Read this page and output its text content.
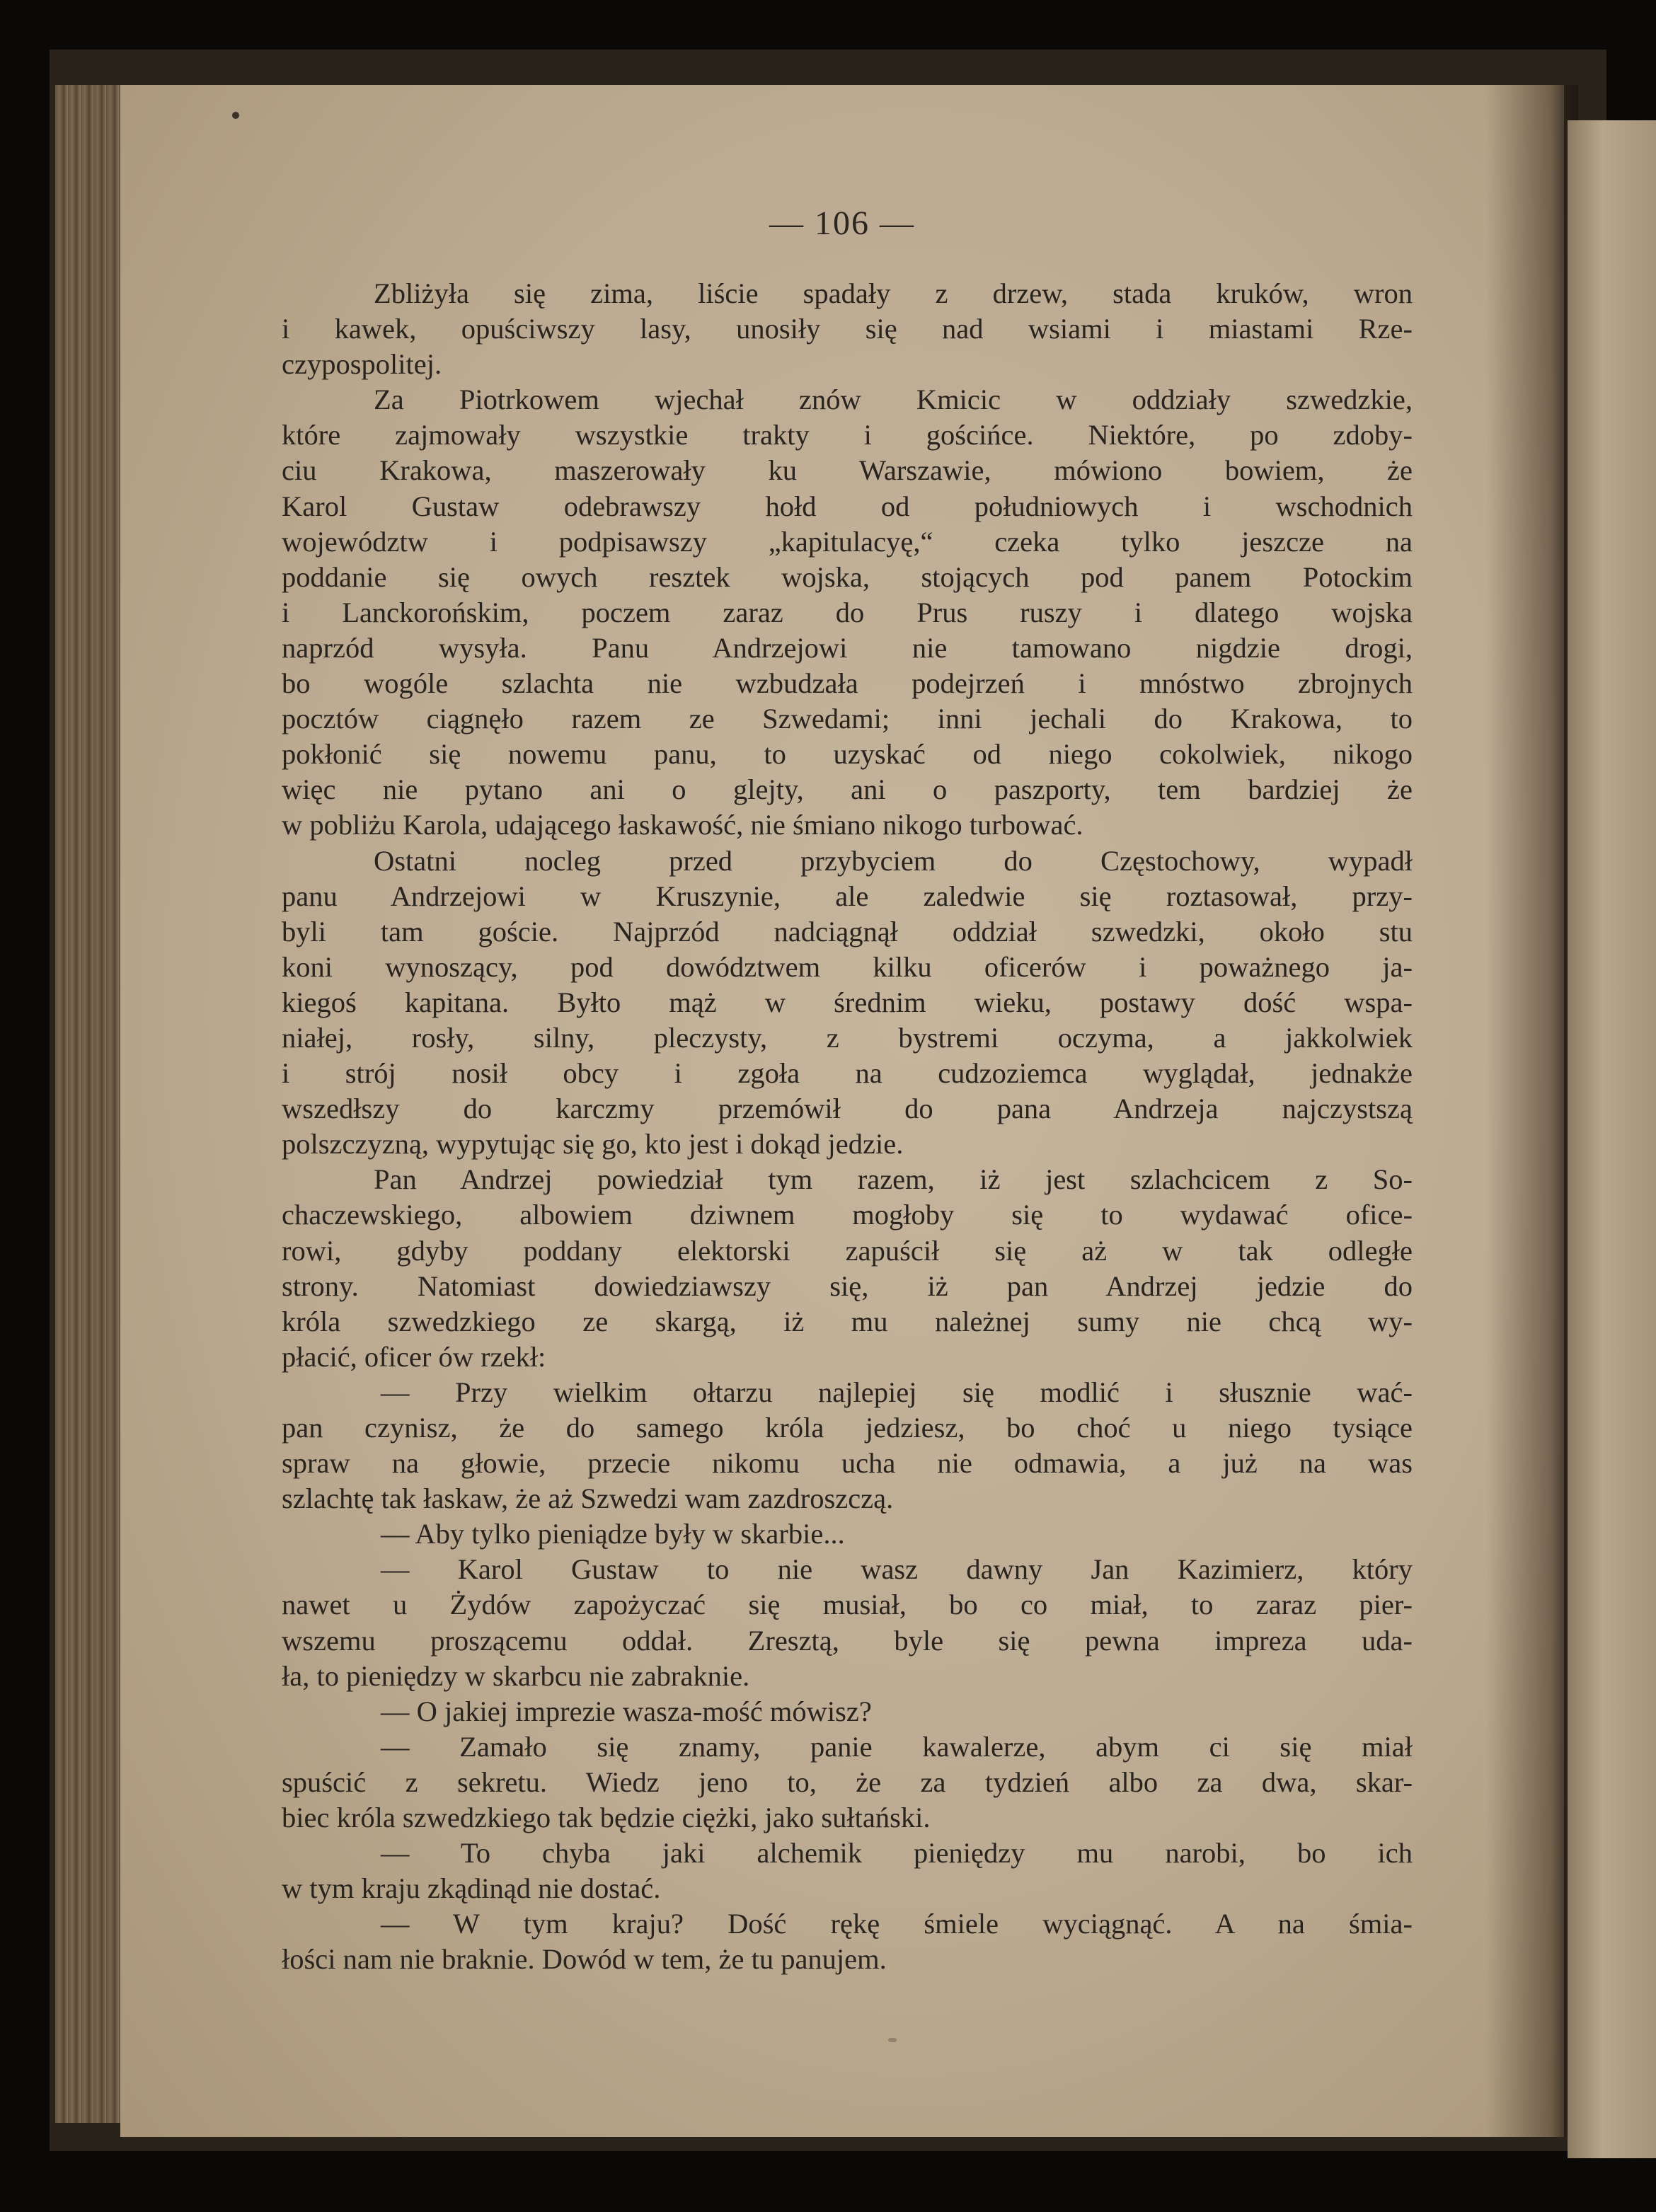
— 106 —
Zbliżyła się zima, liście spadały z drzew, stada kruków, wron
i kawek, opuściwszy lasy, unosiły się nad wsiami i miastami Rze-
czypospolitej.
Za Piotrkowem wjechał znów Kmicic w oddziały szwedzkie,
które zajmowały wszystkie trakty i gościńce. Niektóre, po zdoby-
ciu Krakowa, maszerowały ku Warszawie, mówiono bowiem, że
Karol Gustaw odebrawszy hołd od południowych i wschodnich
województw i podpisawszy „kapitulacyę,“ czeka tylko jeszcze na
poddanie się owych resztek wojska, stojących pod panem Potockim
i Lanckorońskim, poczem zaraz do Prus ruszy i dlatego wojska
naprzód wysyła. Panu Andrzejowi nie tamowano nigdzie drogi,
bo wogóle szlachta nie wzbudzała podejrzeń i mnóstwo zbrojnych
pocztów ciągnęło razem ze Szwedami; inni jechali do Krakowa, to
pokłonić się nowemu panu, to uzyskać od niego cokolwiek, nikogo
więc nie pytano ani o glejty, ani o paszporty, tem bardziej że
w pobliżu Karola, udającego łaskawość, nie śmiano nikogo turbować.
Ostatni nocleg przed przybyciem do Częstochowy, wypadł
panu Andrzejowi w Kruszynie, ale zaledwie się roztasował, przy-
byli tam goście. Najprzód nadciągnął oddział szwedzki, około stu
koni wynoszący, pod dowództwem kilku oficerów i poważnego ja-
kiegoś kapitana. Byłto mąż w średnim wieku, postawy dość wspa-
niałej, rosły, silny, pleczysty, z bystremi oczyma, a jakkolwiek
i strój nosił obcy i zgoła na cudzoziemca wyglądał, jednakże
wszedłszy do karczmy przemówił do pana Andrzeja najczystszą
polszczyzną, wypytując się go, kto jest i dokąd jedzie.
Pan Andrzej powiedział tym razem, iż jest szlachcicem z So-
chaczewskiego, albowiem dziwnem mogłoby się to wydawać ofice-
rowi, gdyby poddany elektorski zapuścił się aż w tak odległe
strony. Natomiast dowiedziawszy się, iż pan Andrzej jedzie do
króla szwedzkiego ze skargą, iż mu należnej sumy nie chcą wy-
płacić, oficer ów rzekł:
— Przy wielkim ołtarzu najlepiej się modlić i słusznie wać-
pan czynisz, że do samego króla jedziesz, bo choć u niego tysiące
spraw na głowie, przecie nikomu ucha nie odmawia, a już na was
szlachtę tak łaskaw, że aż Szwedzi wam zazdroszczą.
— Aby tylko pieniądze były w skarbie...
— Karol Gustaw to nie wasz dawny Jan Kazimierz, który
nawet u Żydów zapożyczać się musiał, bo co miał, to zaraz pier-
wszemu proszącemu oddał. Zresztą, byle się pewna impreza uda-
ła, to pieniędzy w skarbcu nie zabraknie.
— O jakiej imprezie wasza-mość mówisz?
— Zamało się znamy, panie kawalerze, abym ci się miał
spuścić z sekretu. Wiedz jeno to, że za tydzień albo za dwa, skar-
biec króla szwedzkiego tak będzie ciężki, jako sułtański.
— To chyba jaki alchemik pieniędzy mu narobi, bo ich
w tym kraju zkądinąd nie dostać.
— W tym kraju? Dość rękę śmiele wyciągnąć. A na śmia-
łości nam nie braknie. Dowód w tem, że tu panujem.
